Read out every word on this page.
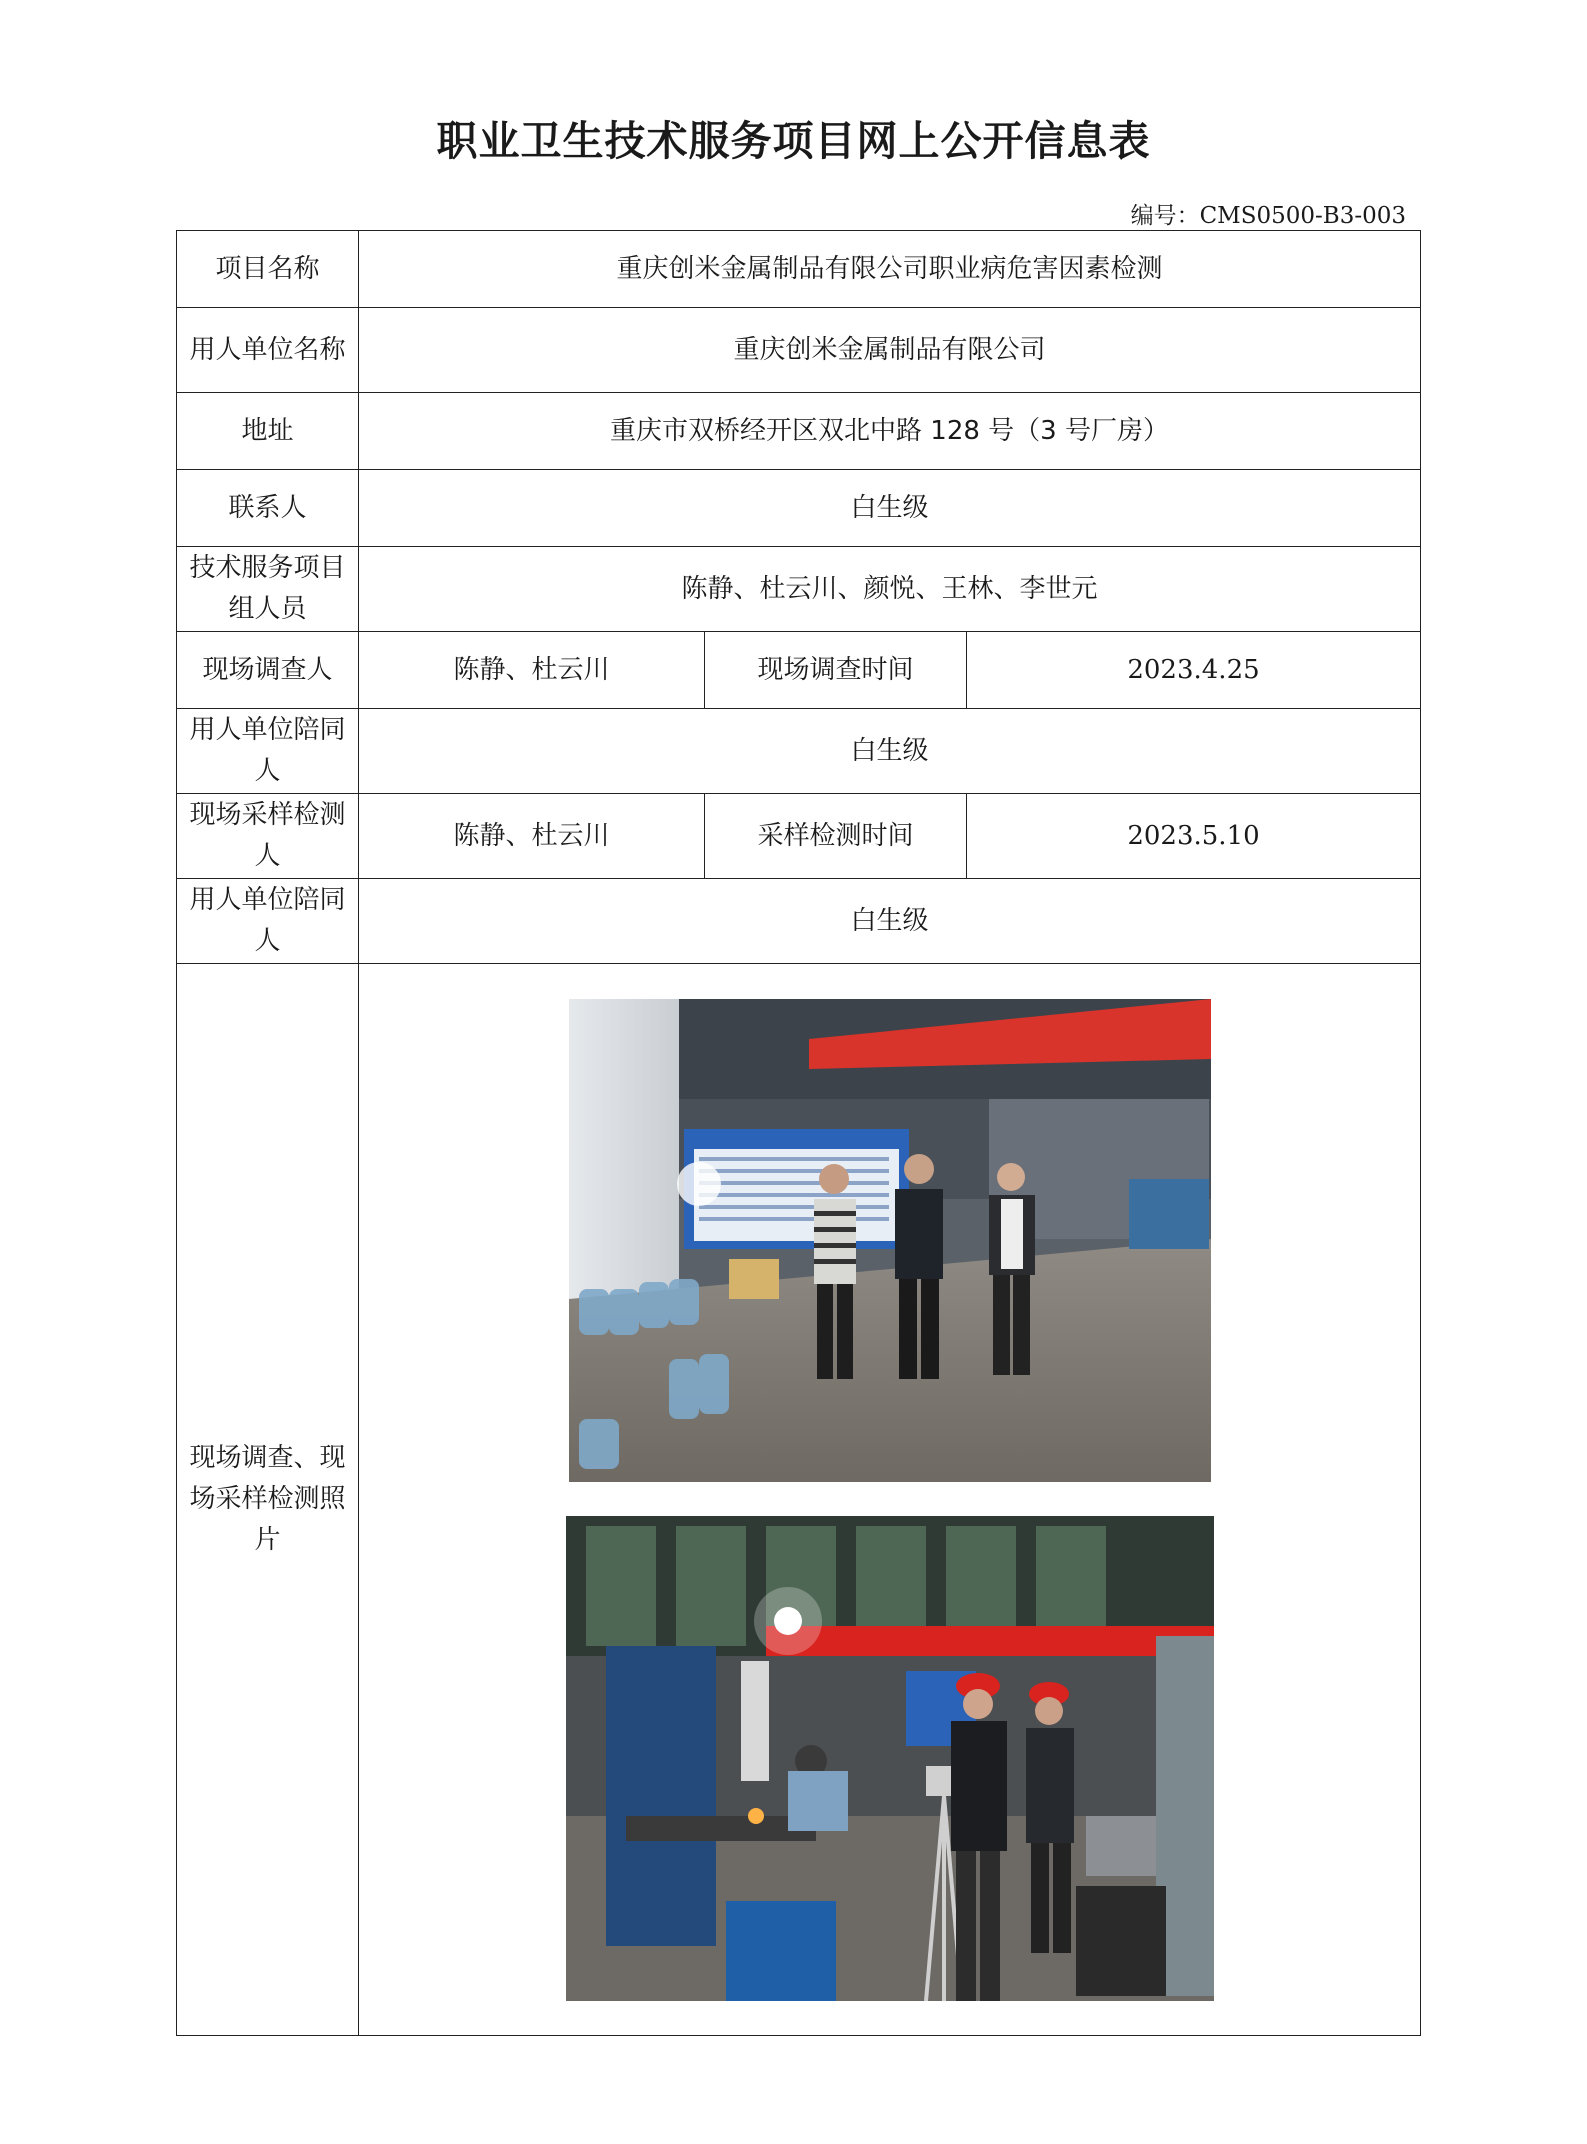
职业卫生技术服务项目网上公开信息表
编号：CMS0500-B3-003
项目名称	重庆创米金属制品有限公司职业病危害因素检测		
用人单位名称	重庆创米金属制品有限公司		
地址	重庆市双桥经开区双北中路 128 号（3 号厂房）		
联系人	白生级		
技术服务项目组人员	陈静、杜云川、颜悦、王林、李世元		
现场调查人	陈静、杜云川	现场调查时间	2023.4.25
用人单位陪同人	白生级		
现场采样检测人	陈静、杜云川	采样检测时间	2023.5.10
用人单位陪同人	白生级		
现场调查、现场采样检测照片	
